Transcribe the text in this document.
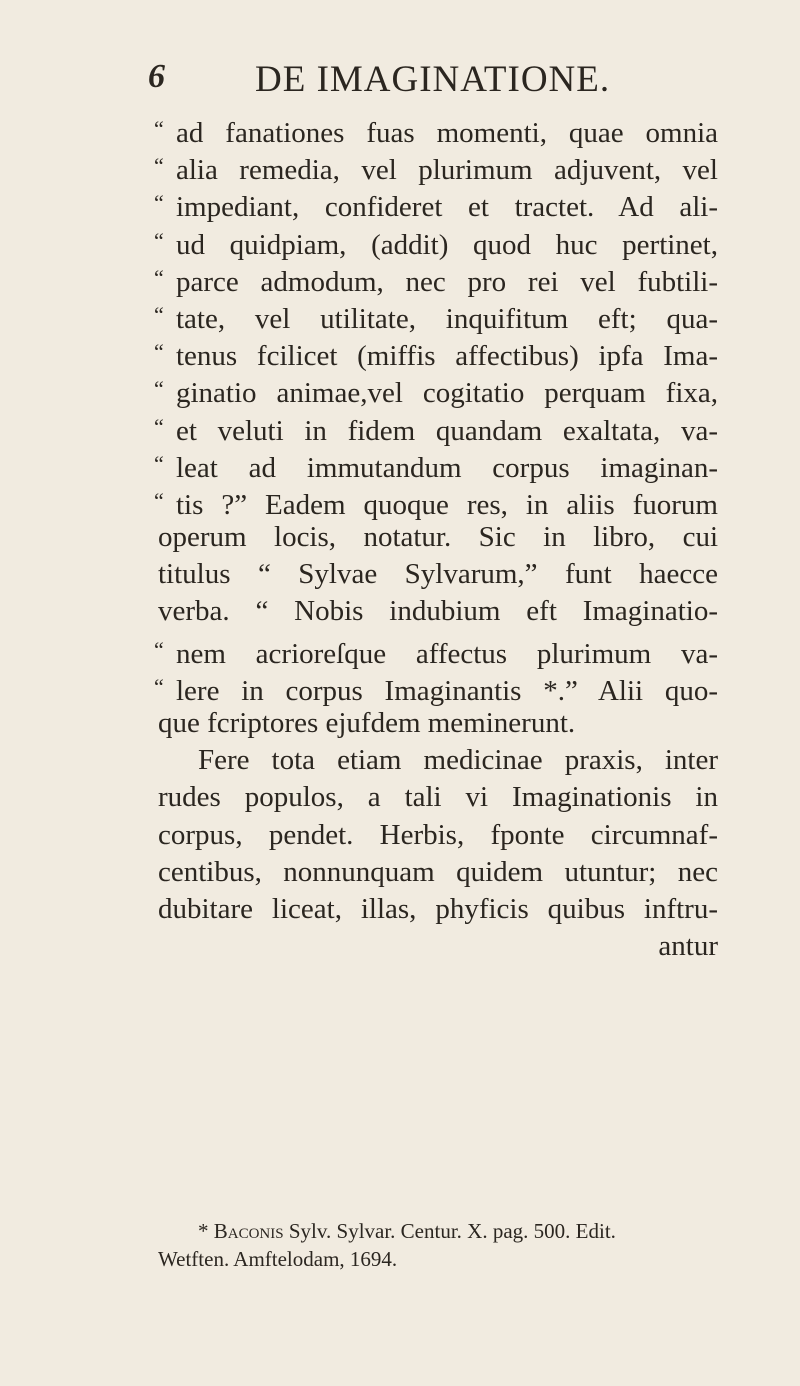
6 DE IMAGINATIONE.
“ ad fanationes fuas momenti, quae omnia
“ alia remedia, vel plurimum adjuvent, vel
“ impediant, confideret et tractet. Ad ali-
“ ud quidpiam, (addit) quod huc pertinet,
“ parce admodum, nec pro rei vel fubtili-
“ tate, vel utilitate, inquifitum eft; qua-
“ tenus fcilicet (miffis affectibus) ipfa Ima-
“ ginatio animae,vel cogitatio perquam fixa,
“ et veluti in fidem quandam exaltata, va-
“ leat ad immutandum corpus imaginan-
“ tis ?” Eadem quoque res, in aliis fuorum
operum locis, notatur. Sic in libro, cui
titulus “ Sylvae Sylvarum,” funt haecce
verba. “ Nobis indubium eft Imaginatio-
“ nem acrioreſque affectus plurimum va-
“ lere in corpus Imaginantis *.” Alii quo-
que fcriptores ejufdem meminerunt.
Fere tota etiam medicinae praxis, inter
rudes populos, a tali vi Imaginationis in
corpus, pendet. Herbis, fponte circumnaf-
centibus, nonnunquam quidem utuntur; nec
dubitare liceat, illas, phyficis quibus inftru-
antur
* Baconis Sylv. Sylvar. Centur. X. pag. 500. Edit.
Wetften. Amftelodam, 1694.
